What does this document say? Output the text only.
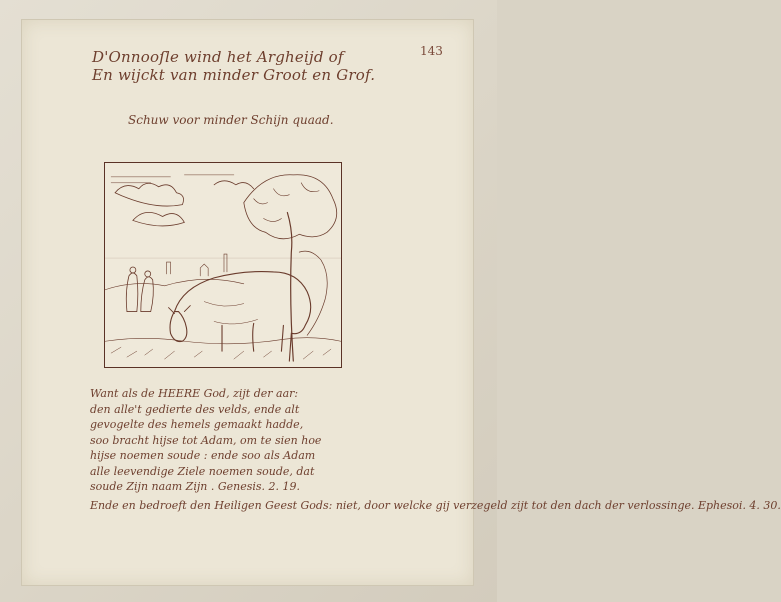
143
D'Onnooſle wind het Argheijd of
En wijckt van minder Groot en Grof.
Schuw voor minder Schijn quaad.
Want als de HEERE God, zijt der aar:
den alle't gedierte des velds, ende alt
gevogelte des hemels gemaakt hadde,
soo bracht hijse tot Adam, om te sien hoe
hijse noemen soude : ende soo als Adam
alle leevendige Ziele noemen soude, dat
soude Zijn naam Zijn . Genesis. 2. 19.
Ende en bedroeft den Heiligen Geest Gods: niet, door welcke gij verzegeld zijt tot den dach der verlossinge. Ephesoi. 4. 30.
